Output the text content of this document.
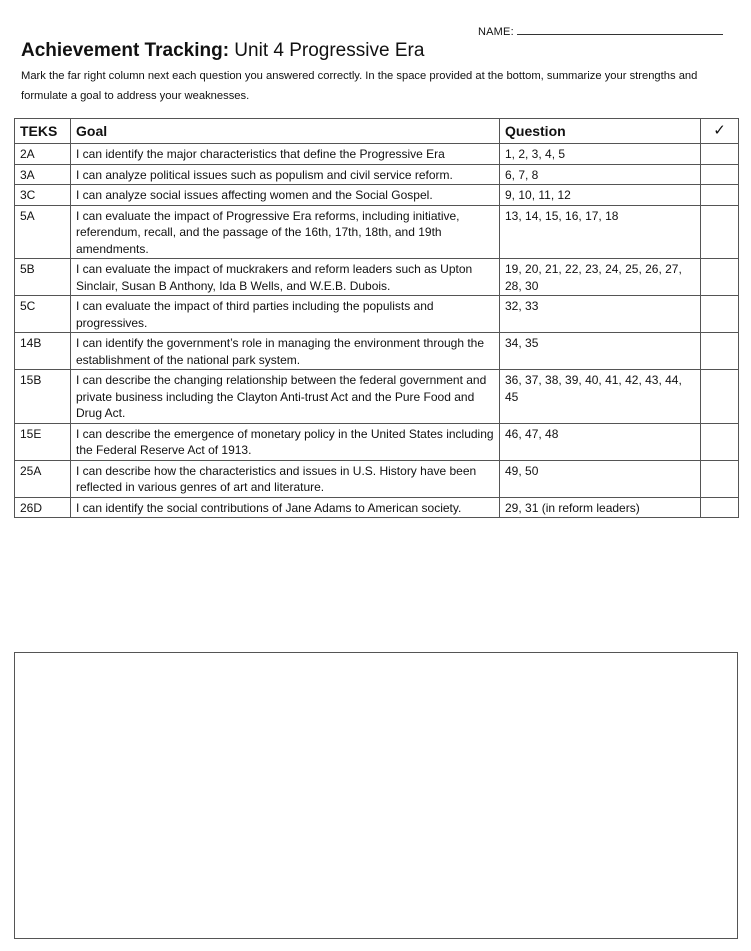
NAME:
Achievement Tracking: Unit 4 Progressive Era
Mark the far right column next each question you answered correctly. In the space provided at the bottom, summarize your strengths and formulate a goal to address your weaknesses.
TEKS	Goal	Question	✓
2A	I can identify the major characteristics that define the Progressive Era	1, 2, 3, 4, 5	
3A	I can analyze political issues such as populism and civil service reform.	6, 7, 8	
3C	I can analyze social issues affecting women and the Social Gospel.	9, 10, 11, 12	
5A	I can evaluate the impact of Progressive Era reforms, including initiative, referendum, recall, and the passage of the 16th, 17th, 18th, and 19th amendments.	13, 14, 15, 16, 17, 18	
5B	I can evaluate the impact of muckrakers and reform leaders such as Upton Sinclair, Susan B Anthony, Ida B Wells, and W.E.B. Dubois.	19, 20, 21, 22, 23, 24, 25, 26, 27, 28, 30	
5C	I can evaluate the impact of third parties including the populists and progressives.	32, 33	
14B	I can identify the government’s role in managing the environment through the establishment of the national park system.	34, 35	
15B	I can describe the changing relationship between the federal government and private business including the Clayton Anti-trust Act and the Pure Food and Drug Act.	36, 37, 38, 39, 40, 41, 42, 43, 44, 45	
15E	I can describe the emergence of monetary policy in the United States including the Federal Reserve Act of 1913.	46, 47, 48	
25A	I can describe how the characteristics and issues in U.S. History have been reflected in various genres of art and literature.	49, 50	
26D	I can identify the social contributions of Jane Adams to American society.	29, 31 (in reform leaders)	
